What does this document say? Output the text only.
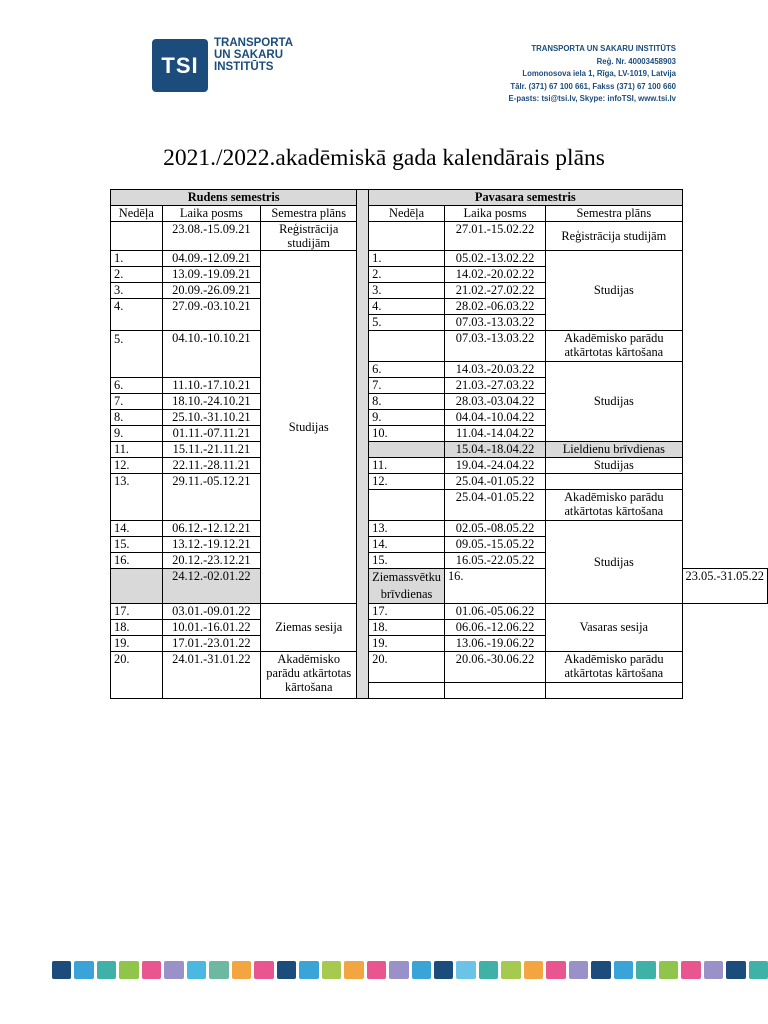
TSI
TRANSPORTA
UN SAKARU
INSTITŪTS
TRANSPORTA UN SAKARU INSTITŪTS
Reģ. Nr. 40003458903
Lomonosova iela 1, Rīga, LV-1019, Latvija
Tālr. (371) 67 100 661, Fakss (371) 67 100 660
E-pasts: tsi@tsi.lv, Skype: infoTSI, www.tsi.lv
2021./2022.akadēmiskā gada kalendārais plāns
Rudens semestris				Pavasara semestris			
Nedēļa	Laika posms	Semestra plāns		Nedēļa	Laika posms	Semestra plāns	
	23.08.-15.09.21	Reģistrācija studijām			27.01.-15.02.22	Reģistrācija studijām	
1.	04.09.-12.09.21	Studijas		1.	05.02.-13.02.22	Studijas	
2.	13.09.-19.09.21			2.	14.02.-20.02.22		
3.	20.09.-26.09.21			3.	21.02.-27.02.22		
4.	27.09.-03.10.21			4.	28.02.-06.03.22		
				5.	07.03.-13.03.22		
5.	04.10.-10.10.21				07.03.-13.03.22	Akadēmisko parādu atkārtotas kārtošana	
				6.	14.03.-20.03.22	Studijas	
6.	11.10.-17.10.21			7.	21.03.-27.03.22		
7.	18.10.-24.10.21			8.	28.03.-03.04.22		
8.	25.10.-31.10.21			9.	04.04.-10.04.22		
9.	01.11.-07.11.21			10.	11.04.-14.04.22		
11.	15.11.-21.11.21				15.04.-18.04.22	Lieldienu brīvdienas	
12.	22.11.-28.11.21			11.	19.04.-24.04.22	Studijas	
13.	29.11.-05.12.21			12.	25.04.-01.05.22		
					25.04.-01.05.22	Akadēmisko parādu atkārtotas kārtošana	
14.	06.12.-12.12.21			13.	02.05.-08.05.22	Studijas	
15.	13.12.-19.12.21			14.	09.05.-15.05.22		
16.	20.12.-23.12.21			15.	16.05.-22.05.22		
	24.12.-02.01.22			Ziemassvētku brīvdienas	16.		23.05.-31.05.22
17.	03.01.-09.01.22	Ziemas sesija		17.	01.06.-05.06.22	Vasaras sesija	
18.	10.01.-16.01.22			18.	06.06.-12.06.22		
19.	17.01.-23.01.22			19.	13.06.-19.06.22		
20.	24.01.-31.01.22	Akadēmisko parādu atkārtotas kārtošana		20.	20.06.-30.06.22	Akadēmisko parādu atkārtotas kārtošana	
